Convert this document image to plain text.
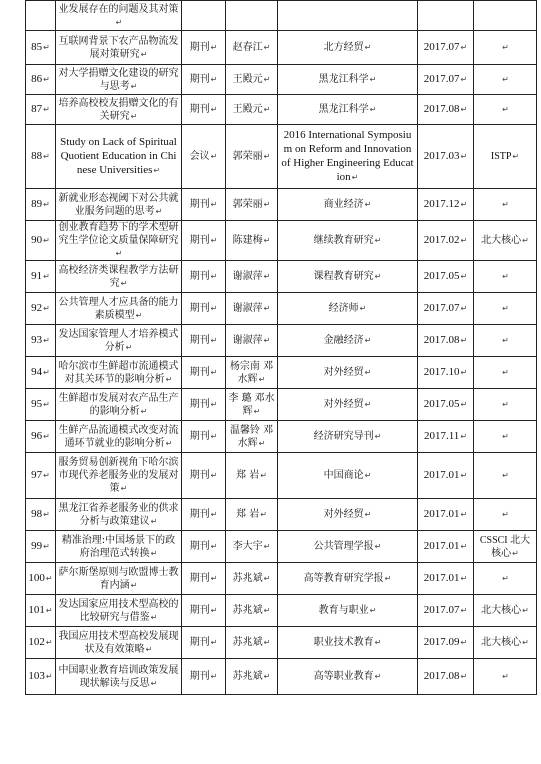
	业发展存在的问题及其对策↵					
85↵	互联网背景下农产品物流发展对策研究↵	期刊↵	赵春江↵	北方经贸↵	2017.07↵	↵
86↵	对大学捐赠文化建设的研究与思考↵	期刊↵	王殿元↵	黑龙江科学↵	2017.07↵	↵
87↵	培养高校校友捐赠文化的有关研究↵	期刊↵	王殿元↵	黑龙江科学↵	2017.08↵	↵
88↵	Study on Lack of Spiritual Quotient Education in Chinese Universities↵	会议↵	郭荣丽↵	2016 International Symposium on Reform and Innovation of Higher Engineering Education↵	2017.03↵	ISTP↵
89↵	新就业形态视阈下对公共就业服务问题的思考↵	期刊↵	郭荣丽↵	商业经济↵	2017.12↵	↵
90↵	创业教育趋势下的学术型研究生学位论文质量保障研究↵	期刊↵	陈建梅↵	继续教育研究↵	2017.02↵	北大核心↵
91↵	高校经济类课程教学方法研究↵	期刊↵	谢淑萍↵	课程教育研究↵	2017.05↵	↵
92↵	公共管理人才应具备的能力素质模型↵	期刊↵	谢淑萍↵	经济师↵	2017.07↵	↵
93↵	发达国家管理人才培养模式分析↵	期刊↵	谢淑萍↵	金融经济↵	2017.08↵	↵
94↵	哈尔滨市生鲜超市流通模式对其关环节的影响分析↵	期刊↵	杨宗南 邓水辉↵	对外经贸↵	2017.10↵	↵
95↵	生鲜超市发展对农产品生产的影响分析↵	期刊↵	李 璐 邓水辉↵	对外经贸↵	2017.05↵	↵
96↵	生鲜产品流通模式改变对流通环节就业的影响分析↵	期刊↵	温馨铃 邓水辉↵	经济研究导刊↵	2017.11↵	↵
97↵	服务贸易创新视角下哈尔滨市现代养老服务业的发展对策↵	期刊↵	郑 岩↵	中国商论↵	2017.01↵	↵
98↵	黑龙江省养老服务业的供求分析与政策建议↵	期刊↵	郑 岩↵	对外经贸↵	2017.01↵	↵
99↵	精准治理:中国场景下的政府治理范式转换↵	期刊↵	李大宇↵	公共管理学报↵	2017.01↵	CSSCI 北大核心↵
100↵	萨尔斯堡原则与欧盟博士教育内涵↵	期刊↵	苏兆斌↵	高等教育研究学报↵	2017.01↵	↵
101↵	发达国家应用技术型高校的比较研究与借鉴↵	期刊↵	苏兆斌↵	教育与职业↵	2017.07↵	北大核心↵
102↵	我国应用技术型高校发展现状及有效策略↵	期刊↵	苏兆斌↵	职业技术教育↵	2017.09↵	北大核心↵
103↵	中国职业教育培训政策发展现状解读与反思↵	期刊↵	苏兆斌↵	高等职业教育↵	2017.08↵	↵
